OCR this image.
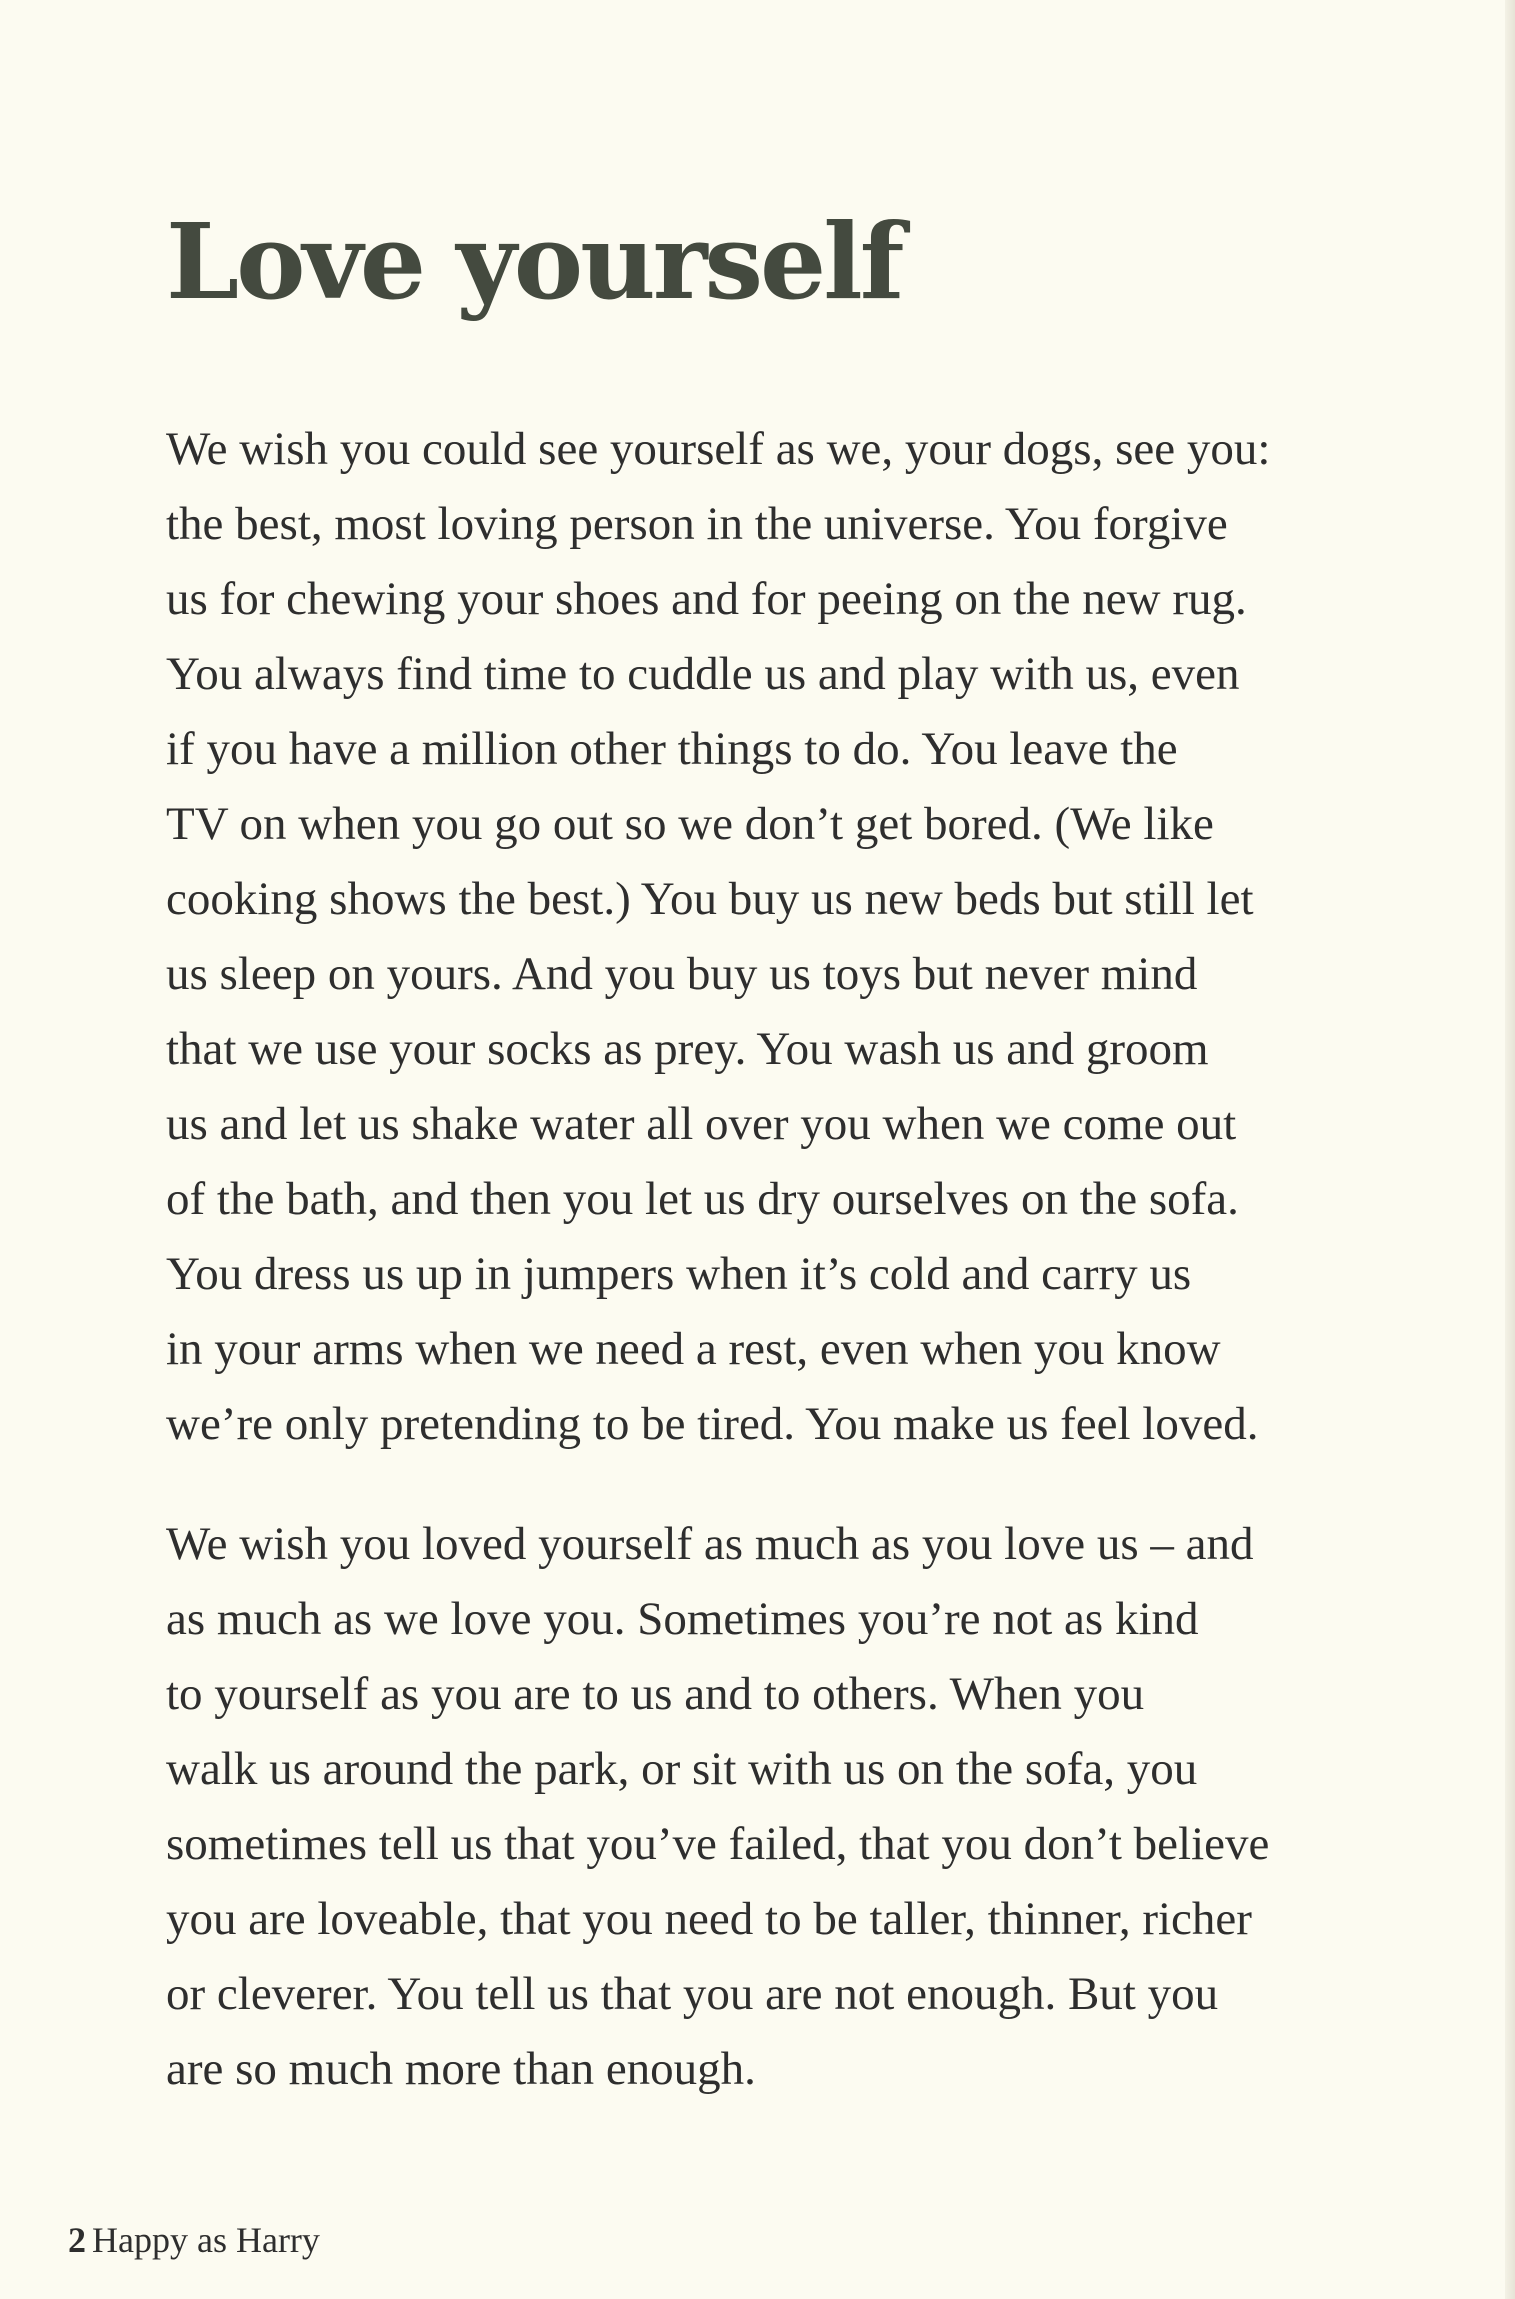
Love yourself

We wish you could see yourself as we, your dogs, see you:
the best, most loving person in the universe. You forgive
us for chewing your shoes and for peeing on the new rug.
You always find time to cuddle us and play with us, even
if you have a million other things to do. You leave the
TV on when you go out so we don’t get bored. (We like
cooking shows the best.) You buy us new beds but still let
us sleep on yours. And you buy us toys but never mind
that we use your socks as prey. You wash us and groom
us and let us shake water all over you when we come out
of the bath, and then you let us dry ourselves on the sofa.
You dress us up in jumpers when it’s cold and carry us
in your arms when we need a rest, even when you know
we’re only pretending to be tired. You make us feel loved.

We wish you loved yourself as much as you love us – and
as much as we love you. Sometimes you’re not as kind
to yourself as you are to us and to others. When you
walk us around the park, or sit with us on the sofa, you
sometimes tell us that you’ve failed, that you don’t believe
you are loveable, that you need to be taller, thinner, richer
or cleverer. You tell us that you are not enough. But you
are so much more than enough.

2 Happy as Harry
